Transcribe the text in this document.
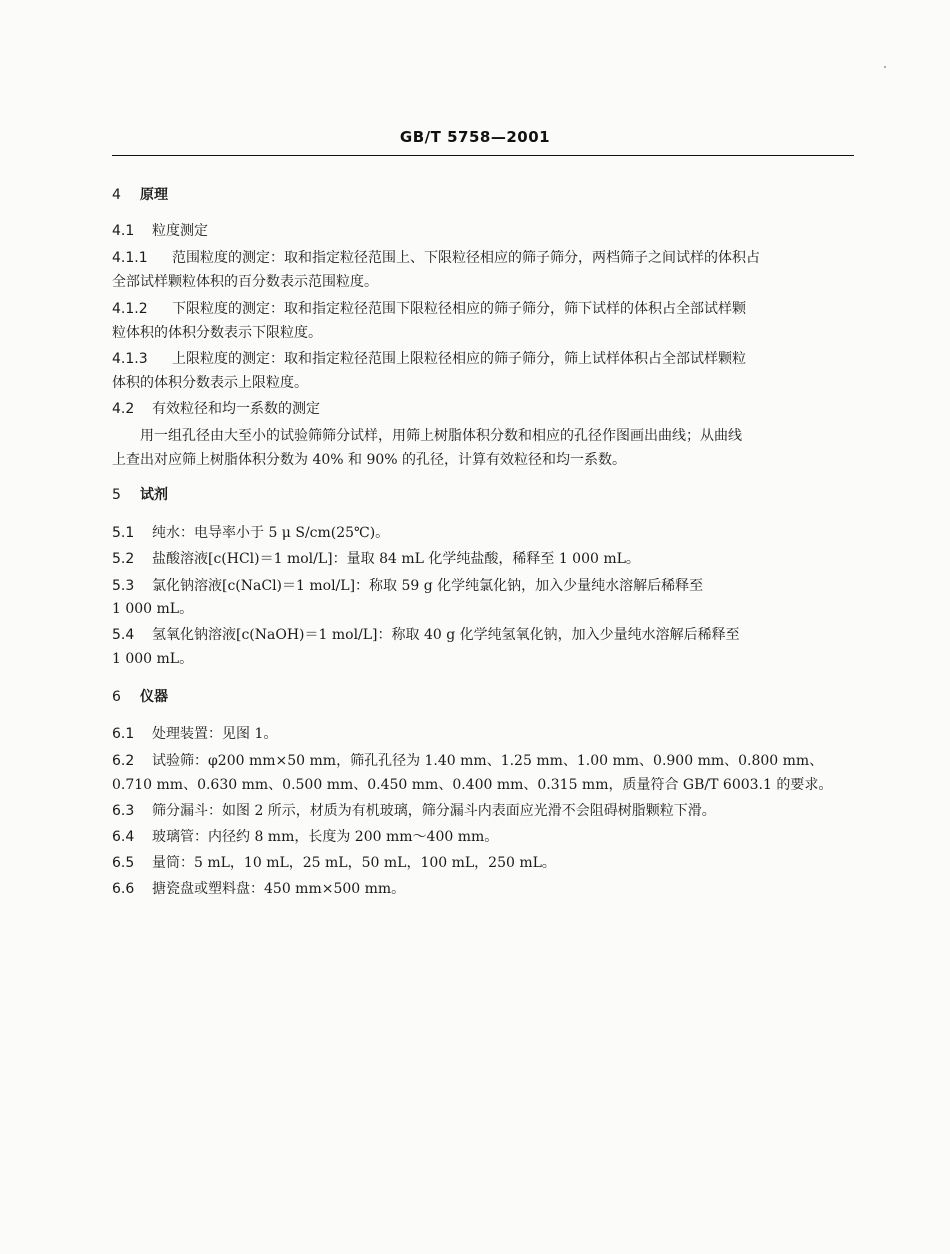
GB/T 5758—2001
4 原理
4.1 粒度测定
4.1.1 范围粒度的测定：取和指定粒径范围上、下限粒径相应的筛子筛分，两档筛子之间试样的体积占
全部试样颗粒体积的百分数表示范围粒度。
4.1.2 下限粒度的测定：取和指定粒径范围下限粒径相应的筛子筛分，筛下试样的体积占全部试样颗
粒体积的体积分数表示下限粒度。
4.1.3 上限粒度的测定：取和指定粒径范围上限粒径相应的筛子筛分，筛上试样体积占全部试样颗粒
体积的体积分数表示上限粒度。
4.2 有效粒径和均一系数的测定
用一组孔径由大至小的试验筛筛分试样，用筛上树脂体积分数和相应的孔径作图画出曲线；从曲线
上查出对应筛上树脂体积分数为 40% 和 90% 的孔径，计算有效粒径和均一系数。
5 试剂
5.1 纯水：电导率小于 5 μ S/cm(25℃)。
5.2 盐酸溶液[c(HCl)＝1 mol/L]：量取 84 mL 化学纯盐酸，稀释至 1 000 mL。
5.3 氯化钠溶液[c(NaCl)＝1 mol/L]：称取 59 g 化学纯氯化钠，加入少量纯水溶解后稀释至
1 000 mL。
5.4 氢氧化钠溶液[c(NaOH)＝1 mol/L]：称取 40 g 化学纯氢氧化钠，加入少量纯水溶解后稀释至
1 000 mL。
6 仪器
6.1 处理装置：见图 1。
6.2 试验筛：φ200 mm×50 mm，筛孔孔径为 1.40 mm、1.25 mm、1.00 mm、0.900 mm、0.800 mm、
0.710 mm、0.630 mm、0.500 mm、0.450 mm、0.400 mm、0.315 mm，质量符合 GB/T 6003.1 的要求。
6.3 筛分漏斗：如图 2 所示，材质为有机玻璃，筛分漏斗内表面应光滑不会阻碍树脂颗粒下滑。
6.4 玻璃管：内径约 8 mm，长度为 200 mm～400 mm。
6.5 量筒：5 mL，10 mL，25 mL，50 mL，100 mL，250 mL。
6.6 搪瓷盘或塑料盘：450 mm×500 mm。
